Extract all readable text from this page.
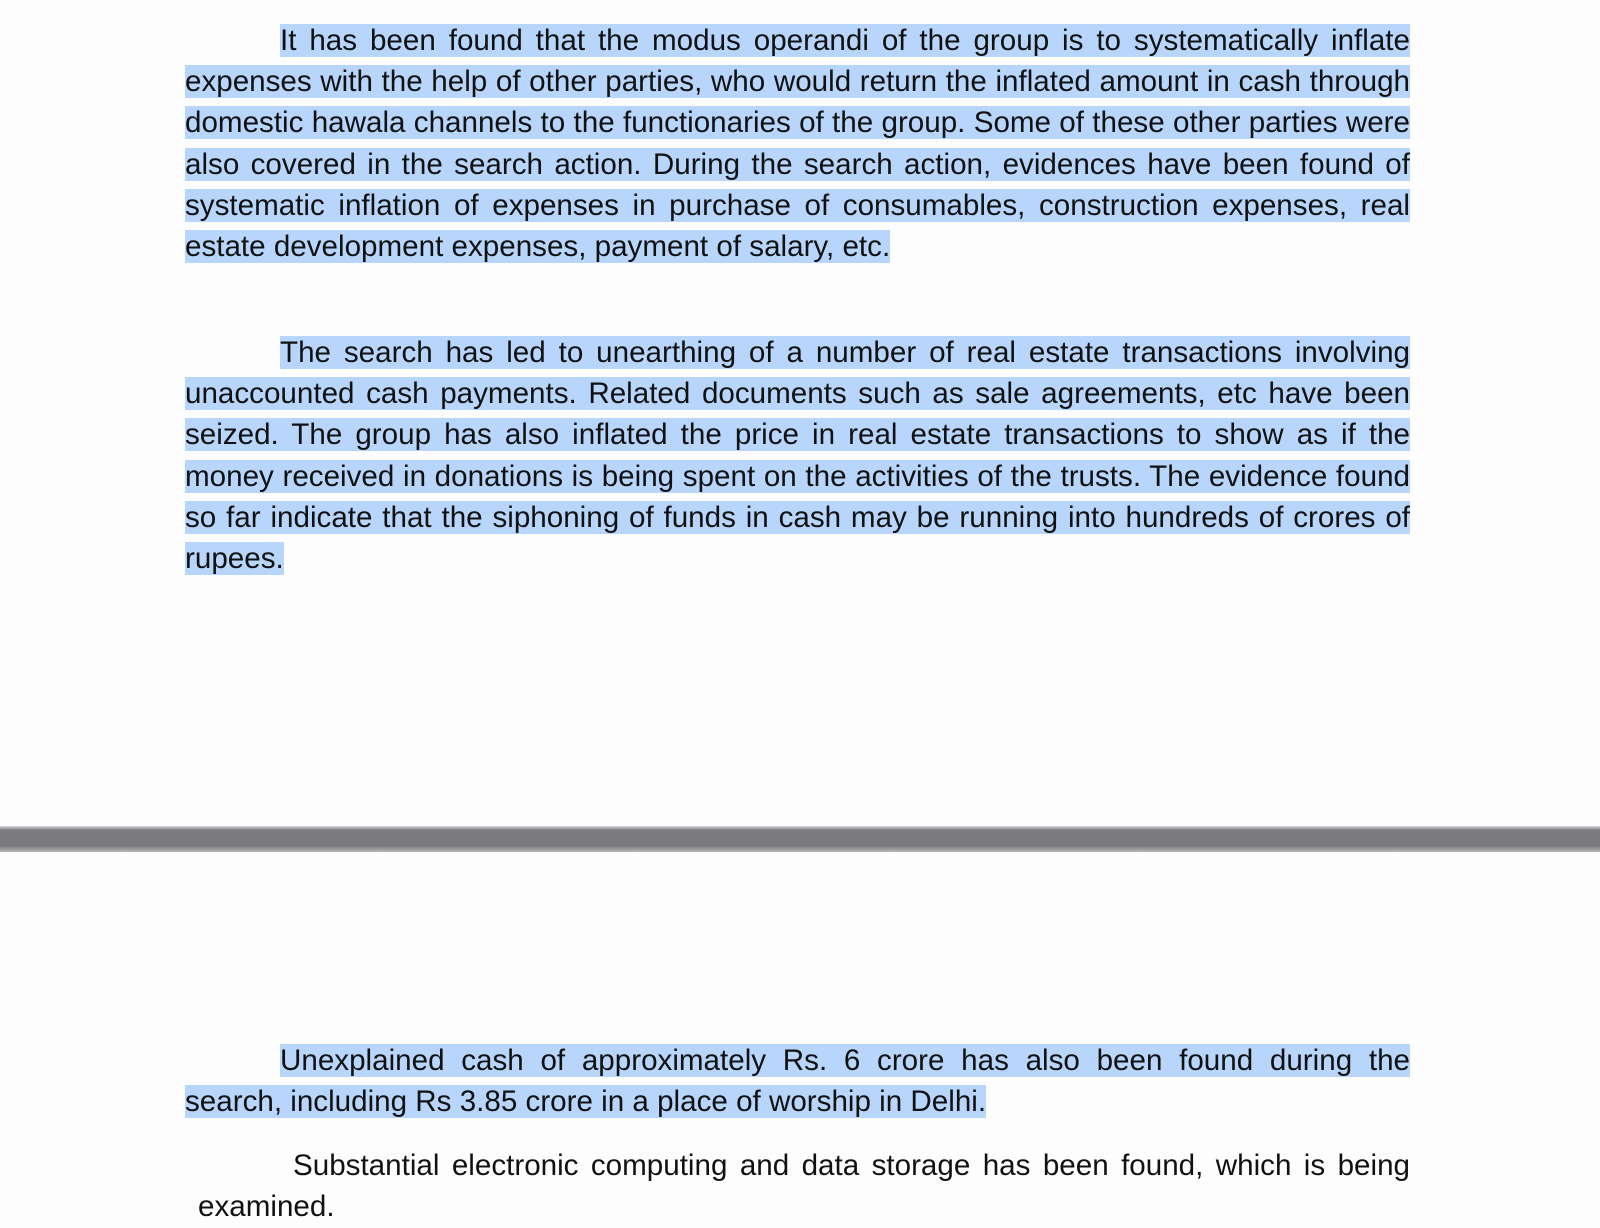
It has been found that the modus operandi of the group is to systematically inflate expenses with the help of other parties, who would return the inflated amount in cash through domestic hawala channels to the functionaries of the group. Some of these other parties were also covered in the search action. During the search action, evidences have been found of systematic inflation of expenses in purchase of consumables, construction expenses, real estate development expenses, payment of salary, etc.

The search has led to unearthing of a number of real estate transactions involving unaccounted cash payments. Related documents such as sale agreements, etc have been seized. The group has also inflated the price in real estate transactions to show as if the money received in donations is being spent on the activities of the trusts. The evidence found so far indicate that the siphoning of funds in cash may be running into hundreds of crores of rupees.

Unexplained cash of approximately Rs. 6 crore has also been found during the search, including Rs 3.85 crore in a place of worship in Delhi.

Substantial electronic computing and data storage has been found, which is being examined.
